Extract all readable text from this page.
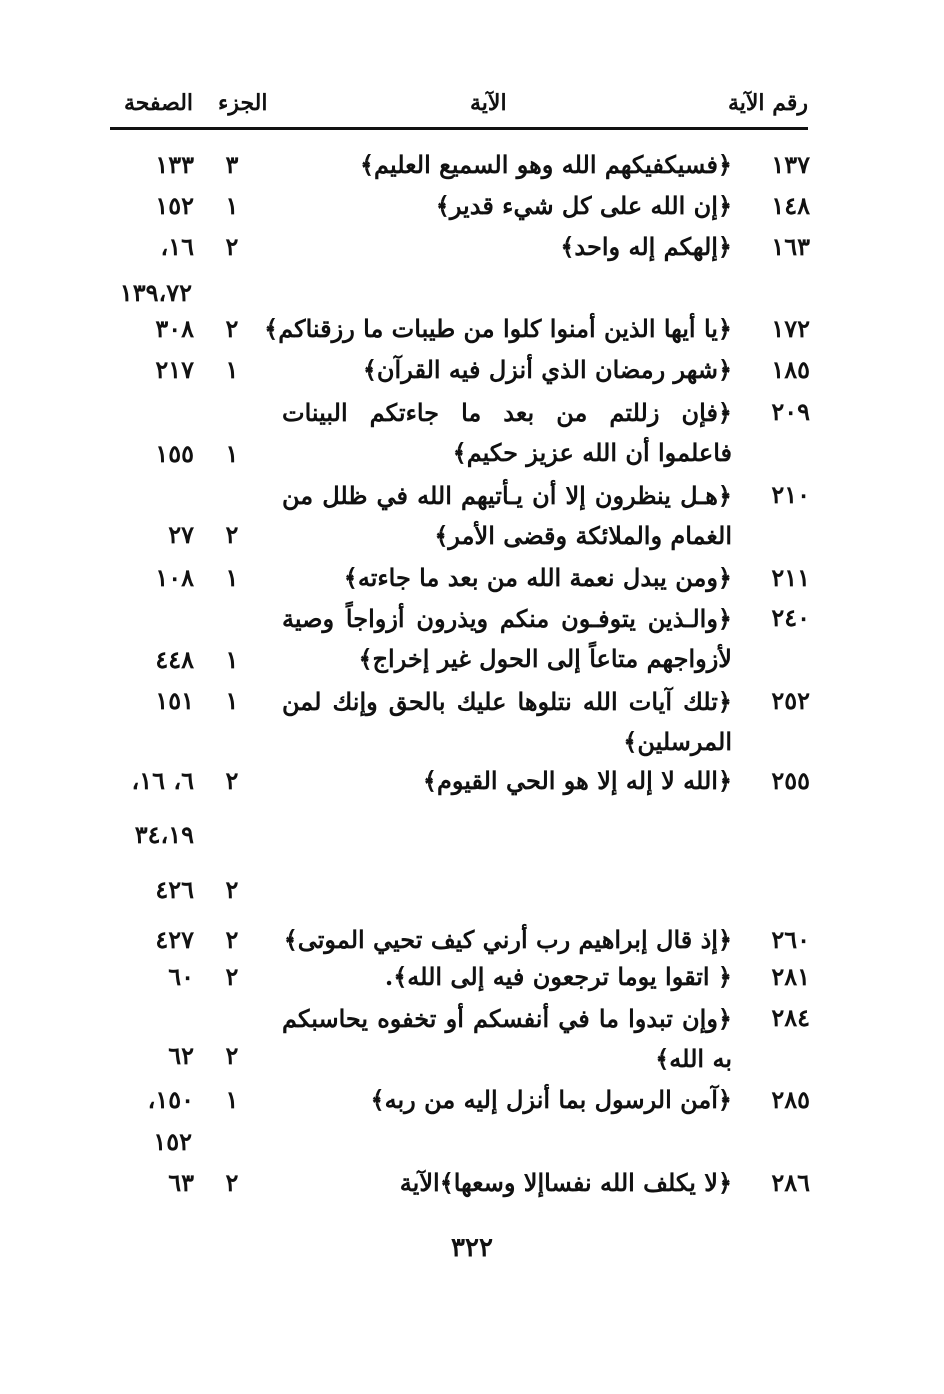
رقم الآية
الآية
الجزء
الصفحة
١٣٧
﴿فسيكفيكهم الله وهو السميع العليم﴾
٣
١٣٣
١٤٨
﴿إن الله على كل شيء قدير﴾
١
١٥٢
١٦٣
﴿إلهكم إله واحد﴾
٢
١٦،
١٣٩،٧٢
١٧٢
﴿يا أيها الذين أمنوا كلوا من طيبات ما رزقناكم﴾
٢
٣٠٨
١٨٥
﴿شهر رمضان الذي أنزل فيه القرآن﴾
١
٢١٧
٢٠٩
﴿فإن زللتم من بعد ما جاءتكم البينات فاعلموا أن الله عزيز حكيم﴾
١
١٥٥
٢١٠
﴿هـل ينظرون إلا أن يـأتيهم الله في ظلل من الغمام والملائكة وقضى الأمر﴾
٢
٢٧
٢١١
﴿ومن يبدل نعمة الله من بعد ما جاءته﴾
١
١٠٨
٢٤٠
﴿والـذين يتوفـون منكم ويذرون أزواجاً وصية لأزواجهم متاعاً إلى الحول غير إخراج﴾
١
٤٤٨
٢٥٢
﴿تلك آيات الله نتلوها عليك بالحق وإنك لمن المرسلين﴾
١
١٥١
٢٥٥
﴿الله لا إله إلا هو الحي القيوم﴾
٢
٦، ١٦،
٣٤،١٩
٢
٤٢٦
٢٦٠
﴿إذ قال إبراهيم رب أرني كيف تحيي الموتى﴾
٢
٤٢٧
٢٨١
﴿ اتقوا يوما ترجعون فيه إلى الله﴾.
٢
٦٠
٢٨٤
﴿وإن تبدوا ما في أنفسكم أو تخفوه يحاسبكم به الله﴾
٢
٦٢
٢٨٥
﴿آمن الرسول بما أنزل إليه من ربه﴾
١
١٥٠،
١٥٢
٢٨٦
﴿لا يكلف الله نفساإلا وسعها﴾الآية
٢
٦٣
٣٢٢
